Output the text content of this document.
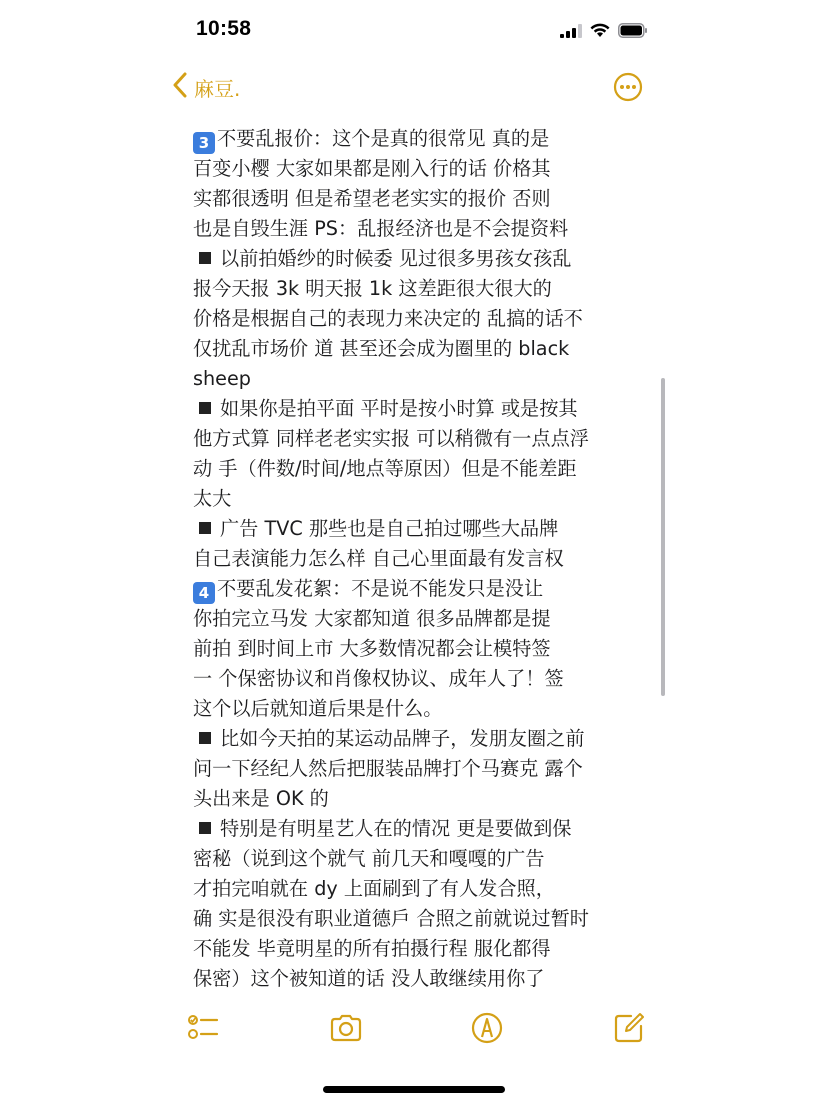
10:58
麻豆.
3 不要乱报价：这个是真的很常见 真的是
百变小樱 大家如果都是刚入行的话 价格其
实都很透明 但是希望老老实实的报价 否则
也是自毁生涯 PS：乱报经济也是不会提资料
以前拍婚纱的时候委 见过很多男孩女孩乱
报今天报 3k 明天报 1k 这差距很大很大的
价格是根据自己的表现力来决定的 乱搞的话不
仅扰乱市场价 道 甚至还会成为圈里的 black
sheep
如果你是拍平面 平时是按小时算 或是按其
他方式算 同样老老实实报 可以稍微有一点点浮
动 手（件数/时间/地点等原因）但是不能差距
太大
广告 TVC 那些也是自己拍过哪些大品牌
自己表演能力怎么样 自己心里面最有发言权
4 不要乱发花絮：不是说不能发只是没让
你拍完立马发 大家都知道 很多品牌都是提
前拍 到时间上市 大多数情况都会让模特签
一 个保密协议和肖像权协议、成年人了！签
这个以后就知道后果是什么。
比如今天拍的某运动品牌子，发朋友圈之前
问一下经纪人然后把服装品牌打个马赛克 露个
头出来是 OK 的
特别是有明星艺人在的情况 更是要做到保
密秘（说到这个就气 前几天和嘎嘎的广告
才拍完咱就在 dy 上面刷到了有人发合照，
确 实是很没有职业道德戶 合照之前就说过暂时
不能发 毕竟明星的所有拍摄行程 服化都得
保密）这个被知道的话 没人敢继续用你了
